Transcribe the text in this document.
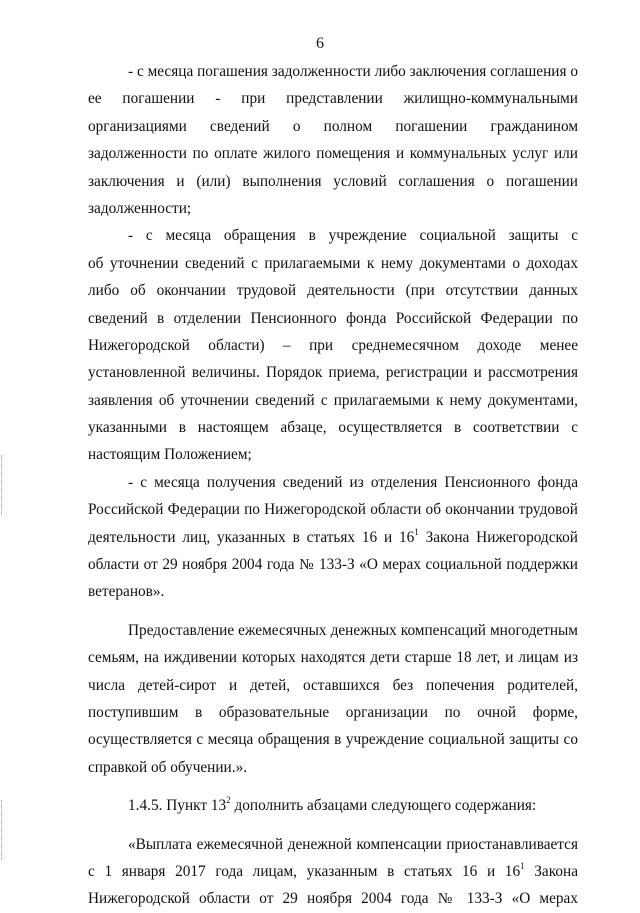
6
- с месяца погашения задолженности либо заключения соглашения о
ее погашении - при представлении жилищно-коммунальными
организациями сведений о полном погашении гражданином
задолженности по оплате жилого помещения и коммунальных услуг или
заключения и (или) выполнения условий соглашения о погашении
задолженности;
- с месяца обращения в учреждение социальной защиты с
об уточнении сведений с прилагаемыми к нему документами о доходах
либо об окончании трудовой деятельности (при отсутствии данных
сведений в отделении Пенсионного фонда Российской Федерации по
Нижегородской области) – при среднемесячном доходе менее
установленной величины. Порядок приема, регистрации и рассмотрения
заявления об уточнении сведений с прилагаемыми к нему документами,
указанными в настоящем абзаце, осуществляется в соответствии с
настоящим Положением;
- с месяца получения сведений из отделения Пенсионного фонда
Российской Федерации по Нижегородской области об окончании трудовой
деятельности лиц, указанных в статьях 16 и $16^1$ Закона Нижегородской
области от 29 ноября 2004 года № 133-З «О мерах социальной поддержки
ветеранов».
Предоставление ежемесячных денежных компенсаций многодетным
семьям, на иждивении которых находятся дети старше 18 лет, и лицам из
числа детей-сирот и детей, оставшихся без попечения родителей,
поступившим в образовательные организации по очной форме,
осуществляется с месяца обращения в учреждение социальной защиты со
справкой об обучении.».
1.4.5. Пункт $13^2$ дополнить абзацами следующего содержания:
«Выплата ежемесячной денежной компенсации приостанавливается
с 1 января 2017 года лицам, указанным в статьях 16 и $16^1$ Закона
Нижегородской области от 29 ноября 2004 года № 133-З «О мерах
